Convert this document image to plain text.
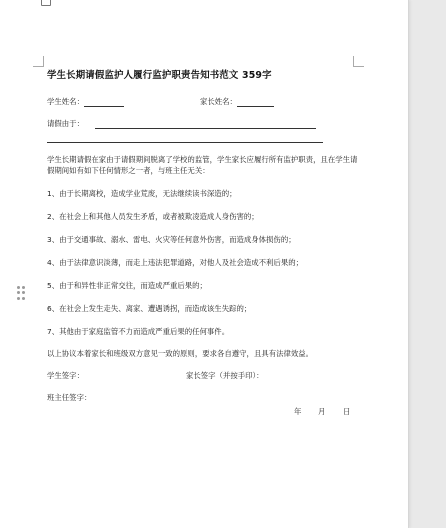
学生长期请假监护人履行监护职责告知书范文 359字
学生姓名：	家长姓名：
请假由于：

学生长期请假在家由于请假期间脱离了学校的监管，学生家长应履行所有监护职责，且在学生请假期间如有如下任何情形之一者，与班主任无关：

1、由于长期离校，造成学业荒废，无法继续读书深造的；

2、在社会上和其他人员发生矛盾，或者被欺凌造成人身伤害的；

3、由于交通事故、溺水、雷电、火灾等任何意外伤害，而造成身体损伤的；

4、由于法律意识淡薄，而走上违法犯罪道路，对他人及社会造成不利后果的；

5、由于和异性非正常交往，而造成严重后果的；

6、在社会上发生走失、离家、遭遇诱拐，而造成该生失踪的；

7、其他由于家庭监管不力而造成严重后果的任何事件。

以上协议本着家长和班级双方意见一致的原则，要求各自遵守，且具有法律效益。

学生签字：	家长签字（并按手印）：
班主任签字：
年 月 日
